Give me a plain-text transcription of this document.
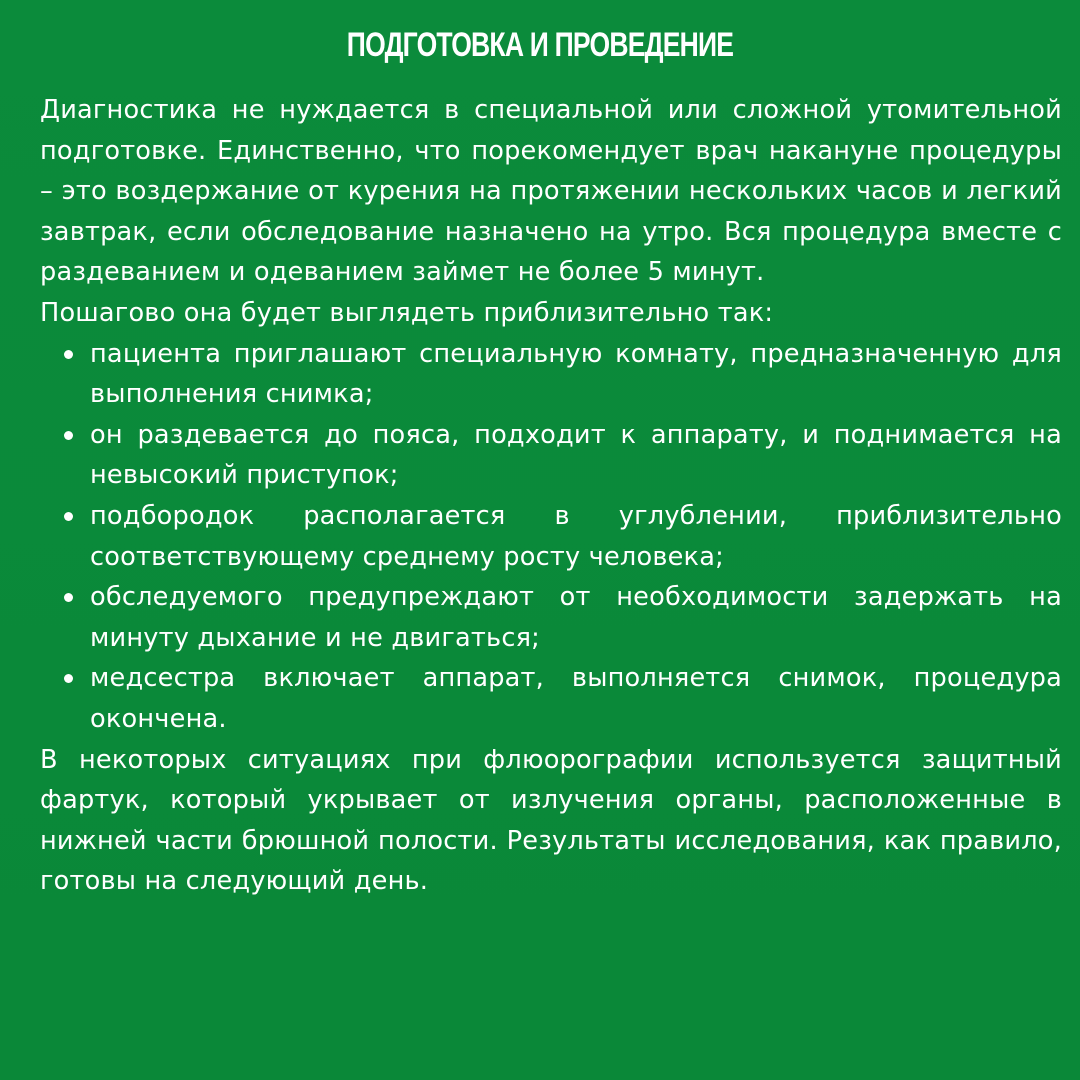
ПОДГОТОВКА И ПРОВЕДЕНИЕ

Диагностика не нуждается в специальной или сложной утомительной подготовке. Единственно, что порекомендует врач накануне процедуры – это воздержание от курения на протяжении нескольких часов и легкий завтрак, если обследование назначено на утро. Вся процедура вместе с раздеванием и одеванием займет не более 5 минут.

Пошагово она будет выглядеть приблизительно так:

пациента приглашают специальную комнату, предназначенную для выполнения снимка;
он раздевается до пояса, подходит к аппарату, и поднимается на невысокий приступок;
подбородок располагается в углублении, приблизительно соответствующему среднему росту человека;
обследуемого предупреждают от необходимости задержать на минуту дыхание и не двигаться;
медсестра включает аппарат, выполняется снимок, процедура окончена.

В некоторых ситуациях при флюорографии используется защитный фартук, который укрывает от излучения органы, расположенные в нижней части брюшной полости. Результаты исследования, как правило, готовы на следующий день.
